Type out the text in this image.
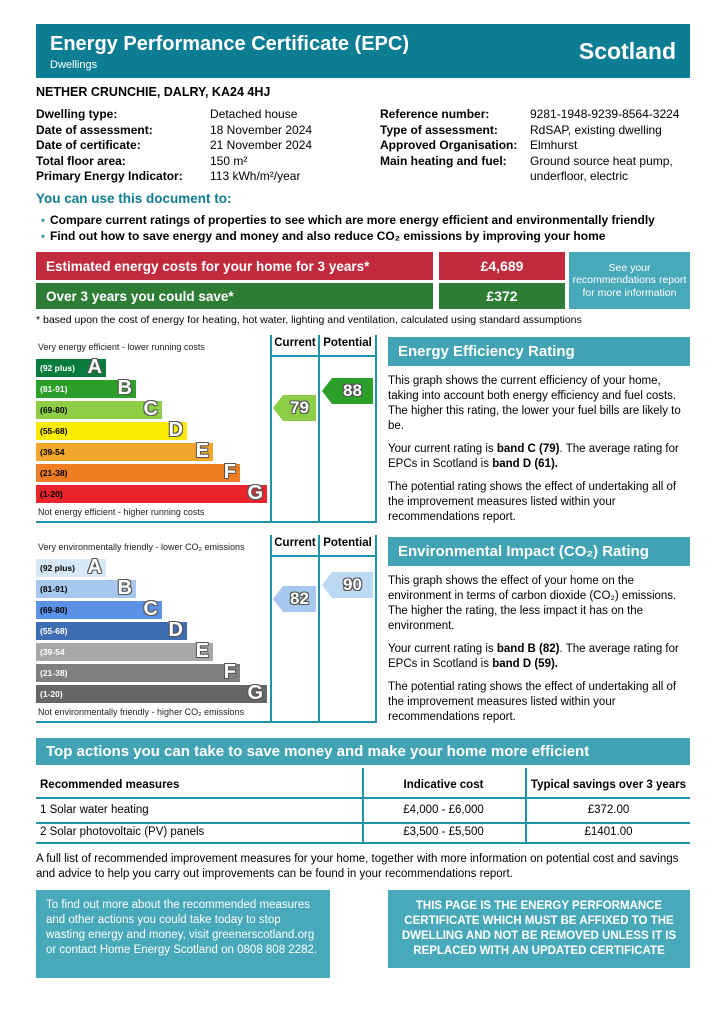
Energy Performance Certificate (EPC)
Dwellings
Scotland
NETHER CRUNCHIE, DALRY, KA24 4HJ
Dwelling type:	Detached house
Date of assessment:	18 November 2024
Date of certificate:	21 November 2024
Total floor area:	150 m²
Primary Energy Indicator:	113 kWh/m²/year
Reference number:	9281-1948-9239-8564-3224
Type of assessment:	RdSAP, existing dwelling
Approved Organisation:	Elmhurst
Main heating and fuel:	Ground source heat pump, underfloor, electric
You can use this document to:
• Compare current ratings of properties to see which are more energy efficient and environmentally friendly
• Find out how to save energy and money and also reduce CO₂ emissions by improving your home
Estimated energy costs for your home for 3 years*	£4,689
Over 3 years you could save*	£372
See your recommendations report for more information
* based upon the cost of energy for heating, hot water, lighting and ventilation, calculated using standard assumptions
Very energy efficient - lower running costs
(92 plus) A
(81-91)	B
(69-80)	C
(55-68)	D
(39-54	E
(21-38)	F
(1-20)	G
Not energy efficient - higher running costs
Current Potential
79
88
Energy Efficiency Rating

This graph shows the current efficiency of your home, taking into account both energy efficiency and fuel costs. The higher this rating, the lower your fuel bills are likely to be.

Your current rating is band C (79). The average rating for EPCs in Scotland is band D (61).

The potential rating shows the effect of undertaking all of the improvement measures listed within your recommendations report.

Very environmentally friendly - lower CO₂ emissions
(92 plus) A
(81-91)	B
(69-80)	C
(55-68)	D
(39-54	E
(21-38)	F
(1-20)	G
Not environmentally friendly - higher CO₂ emissions
Current Potential
82
90
Environmental Impact (CO₂) Rating

This graph shows the effect of your home on the environment in terms of carbon dioxide (CO₂) emissions. The higher the rating, the less impact it has on the environment.

Your current rating is band B (82). The average rating for EPCs in Scotland is band D (59).

The potential rating shows the effect of undertaking all of the improvement measures listed within your recommendations report.

Top actions you can take to save money and make your home more efficient
Recommended measures	Indicative cost	Typical savings over 3 years
1 Solar water heating	£4,000 - £6,000	£372.00
2 Solar photovoltaic (PV) panels	£3,500 - £5,500	£1401.00
A full list of recommended improvement measures for your home, together with more information on potential cost and savings and advice to help you carry out improvements can be found in your recommendations report.
To find out more about the recommended measures and other actions you could take today to stop wasting energy and money, visit greenerscotland.org or contact Home Energy Scotland on 0808 808 2282.
THIS PAGE IS THE ENERGY PERFORMANCE CERTIFICATE WHICH MUST BE AFFIXED TO THE DWELLING AND NOT BE REMOVED UNLESS IT IS REPLACED WITH AN UPDATED CERTIFICATE
